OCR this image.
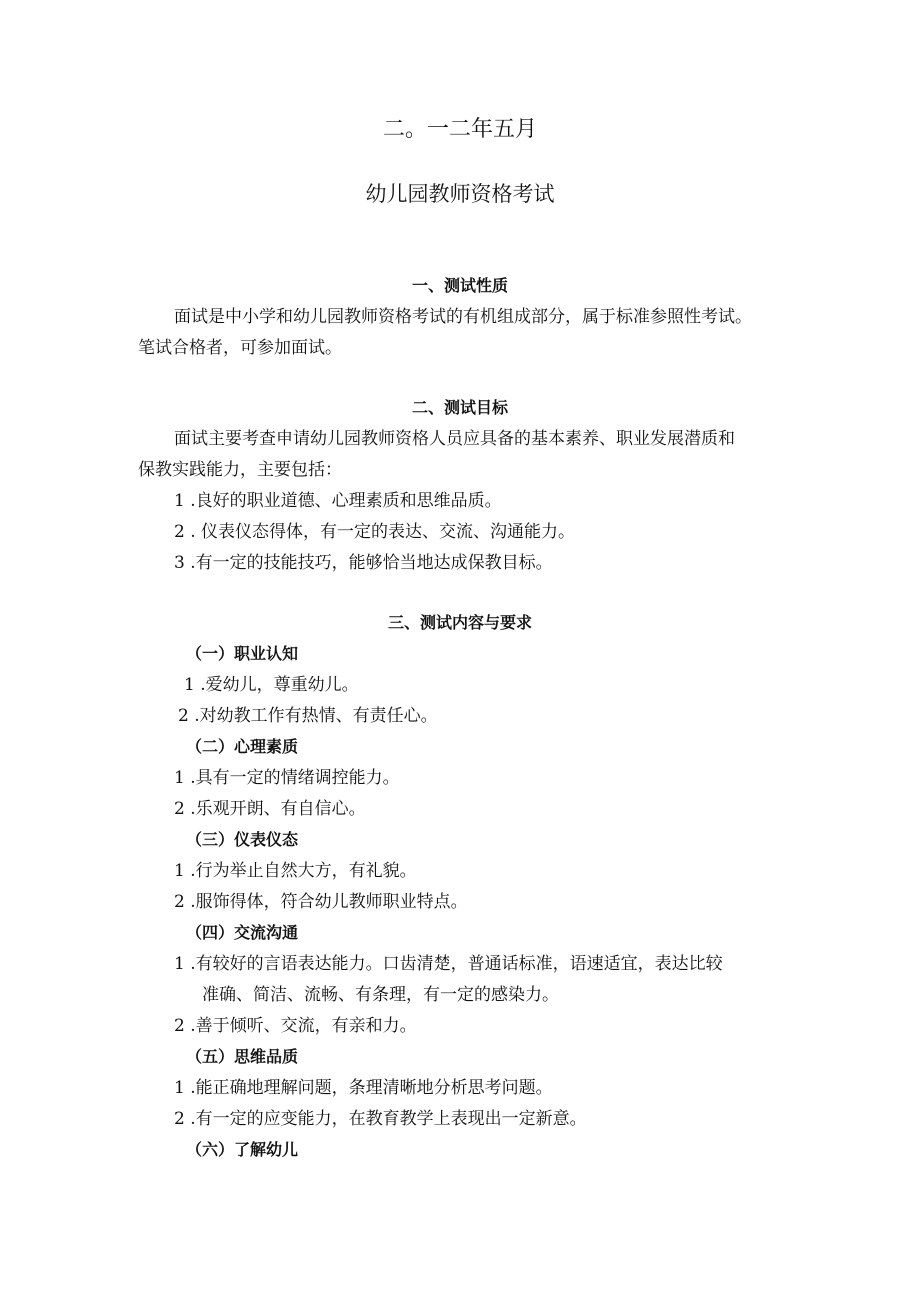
二。一二年五月
幼儿园教师资格考试
一、测试性质
面试是中小学和幼儿园教师资格考试的有机组成部分，属于标准参照性考试。
笔试合格者，可参加面试。
二、测试目标
面试主要考查申请幼儿园教师资格人员应具备的基本素养、职业发展潜质和
保教实践能力，主要包括：
1 .良好的职业道德、心理素质和思维品质。
2 . 仪表仪态得体，有一定的表达、交流、沟通能力。
3 .有一定的技能技巧，能够恰当地达成保教目标。
三、测试内容与要求
（一）职业认知
1 .爱幼儿，尊重幼儿。
2 .对幼教工作有热情、有责任心。
（二）心理素质
1 .具有一定的情绪调控能力。
2 .乐观开朗、有自信心。
（三）仪表仪态
1 .行为举止自然大方，有礼貌。
2 .服饰得体，符合幼儿教师职业特点。
（四）交流沟通
1 .有较好的言语表达能力。口齿清楚，普通话标准，语速适宜，表达比较
准确、简洁、流畅、有条理，有一定的感染力。
2 .善于倾听、交流，有亲和力。
（五）思维品质
1 .能正确地理解问题，条理清晰地分析思考问题。
2 .有一定的应变能力，在教育教学上表现出一定新意。
（六）了解幼儿
